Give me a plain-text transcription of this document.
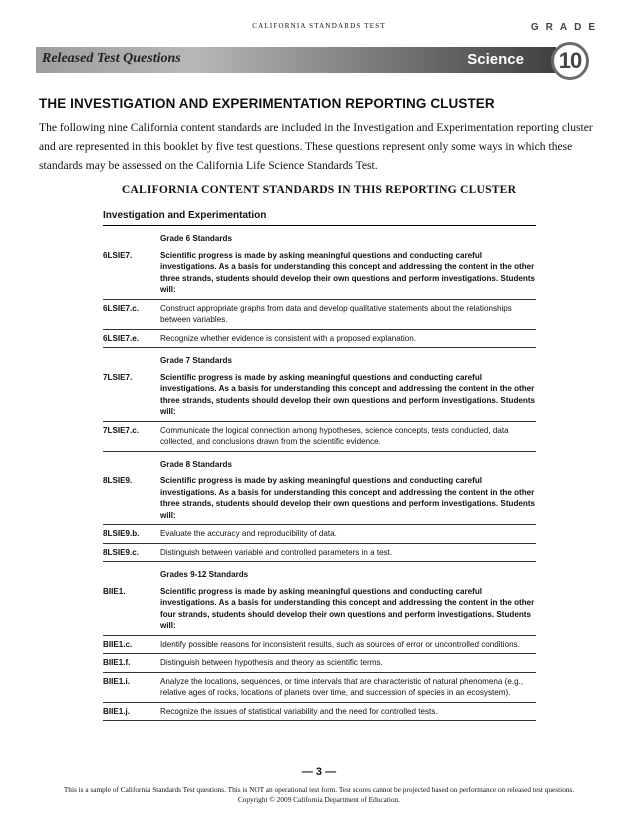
CALIFORNIA STANDARDS TEST	GRADE
Released Test Questions	Science 10
THE INVESTIGATION AND EXPERIMENTATION REPORTING CLUSTER
The following nine California content standards are included in the Investigation and Experimentation reporting cluster and are represented in this booklet by five test questions. These questions represent only some ways in which these standards may be assessed on the California Life Science Standards Test.
CALIFORNIA CONTENT STANDARDS IN THIS REPORTING CLUSTER
Investigation and Experimentation
Grade 6 Standards
6LSIE7.	Scientific progress is made by asking meaningful questions and conducting careful investigations. As a basis for understanding this concept and addressing the content in the other three strands, students should develop their own questions and perform investigations. Students will:
6LSIE7.c.	Construct appropriate graphs from data and develop qualitative statements about the relationships between variables.
6LSIE7.e.	Recognize whether evidence is consistent with a proposed explanation.
Grade 7 Standards
7LSIE7.	Scientific progress is made by asking meaningful questions and conducting careful investigations. As a basis for understanding this concept and addressing the content in the other three strands, students should develop their own questions and perform investigations. Students will:
7LSIE7.c.	Communicate the logical connection among hypotheses, science concepts, tests conducted, data collected, and conclusions drawn from the scientific evidence.
Grade 8 Standards
8LSIE9.	Scientific progress is made by asking meaningful questions and conducting careful investigations. As a basis for understanding this concept and addressing the content in the other three strands, students should develop their own questions and perform investigations. Students will:
8LSIE9.b.	Evaluate the accuracy and reproducibility of data.
8LSIE9.c.	Distinguish between variable and controlled parameters in a test.
Grades 9-12 Standards
BIIE1.	Scientific progress is made by asking meaningful questions and conducting careful investigations. As a basis for understanding this concept and addressing the content in the other four strands, students should develop their own questions and perform investigations. Students will:
BIIE1.c.	Identify possible reasons for inconsistent results, such as sources of error or uncontrolled conditions.
BIIE1.f.	Distinguish between hypothesis and theory as scientific terms.
BIIE1.i.	Analyze the locations, sequences, or time intervals that are characteristic of natural phenomena (e.g., relative ages of rocks, locations of planets over time, and succession of species in an ecosystem).
BIIE1.j.	Recognize the issues of statistical variability and the need for controlled tests.
— 3 —
This is a sample of California Standards Test questions. This is NOT an operational test form. Test scores cannot be projected based on performance on released test questions. Copyright © 2009 California Department of Education.
